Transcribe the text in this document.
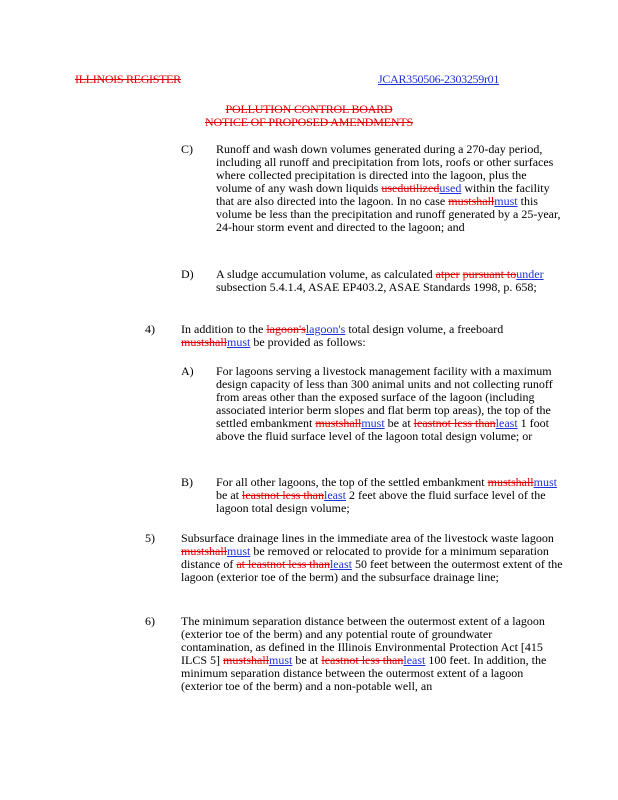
ILLINOIS REGISTER	JCAR350506-2303259r01
POLLUTION CONTROL BOARD
NOTICE OF PROPOSED AMENDMENTS
C) Runoff and wash down volumes generated during a 270-day period, including all runoff and precipitation from lots, roofs or other surfaces where collected precipitation is directed into the lagoon, plus the volume of any wash down liquids usedutilizedused within the facility that are also directed into the lagoon. In no case mustshallmust this volume be less than the precipitation and runoff generated by a 25-year, 24-hour storm event and directed to the lagoon; and
D) A sludge accumulation volume, as calculated atper pursuant tounder subsection 5.4.1.4, ASAE EP403.2, ASAE Standards 1998, p. 658;
4) In addition to the lagoon'slagoon's total design volume, a freeboard mustshallmust be provided as follows:
A) For lagoons serving a livestock management facility with a maximum design capacity of less than 300 animal units and not collecting runoff from areas other than the exposed surface of the lagoon (including associated interior berm slopes and flat berm top areas), the top of the settled embankment mustshallmust be at leastnot less thanleast 1 foot above the fluid surface level of the lagoon total design volume; or
B) For all other lagoons, the top of the settled embankment mustshallmust be at leastnot less thanleast 2 feet above the fluid surface level of the lagoon total design volume;
5) Subsurface drainage lines in the immediate area of the livestock waste lagoon mustshallmust be removed or relocated to provide for a minimum separation distance of at leastnot less thanleast 50 feet between the outermost extent of the lagoon (exterior toe of the berm) and the subsurface drainage line;
6) The minimum separation distance between the outermost extent of a lagoon (exterior toe of the berm) and any potential route of groundwater contamination, as defined in the Illinois Environmental Protection Act [415 ILCS 5] mustshallmust be at leastnot less thanleast 100 feet. In addition, the minimum separation distance between the outermost extent of a lagoon (exterior toe of the berm) and a non-potable well, an
